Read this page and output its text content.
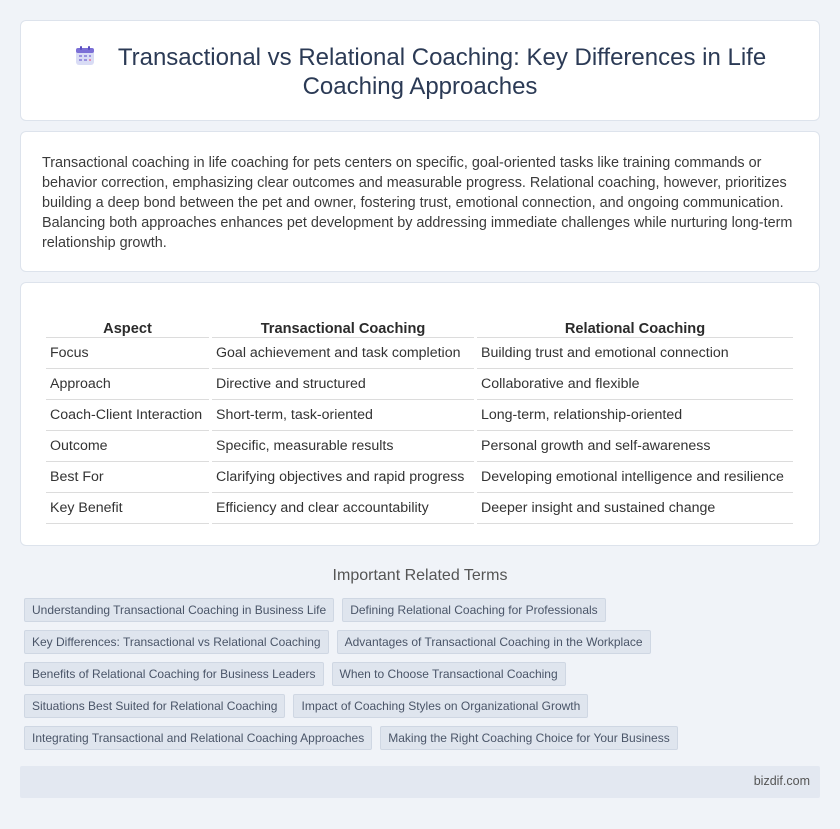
Transactional vs Relational Coaching: Key Differences in Life Coaching Approaches

Transactional coaching in life coaching for pets centers on specific, goal-oriented tasks like training commands or behavior correction, emphasizing clear outcomes and measurable progress. Relational coaching, however, prioritizes building a deep bond between the pet and owner, fostering trust, emotional connection, and ongoing communication. Balancing both approaches enhances pet development by addressing immediate challenges while nurturing long-term relationship growth.

Aspect	Transactional Coaching	Relational Coaching
Focus	Goal achievement and task completion	Building trust and emotional connection
Approach	Directive and structured	Collaborative and flexible
Coach-Client Interaction	Short-term, task-oriented	Long-term, relationship-oriented
Outcome	Specific, measurable results	Personal growth and self-awareness
Best For	Clarifying objectives and rapid progress	Developing emotional intelligence and resilience
Key Benefit	Efficiency and clear accountability	Deeper insight and sustained change
Important Related Terms
Understanding Transactional Coaching in Business Life	Defining Relational Coaching for Professionals
Key Differences: Transactional vs Relational Coaching	Advantages of Transactional Coaching in the Workplace
Benefits of Relational Coaching for Business Leaders	When to Choose Transactional Coaching
Situations Best Suited for Relational Coaching	Impact of Coaching Styles on Organizational Growth
Integrating Transactional and Relational Coaching Approaches	Making the Right Coaching Choice for Your Business
bizdif.com
